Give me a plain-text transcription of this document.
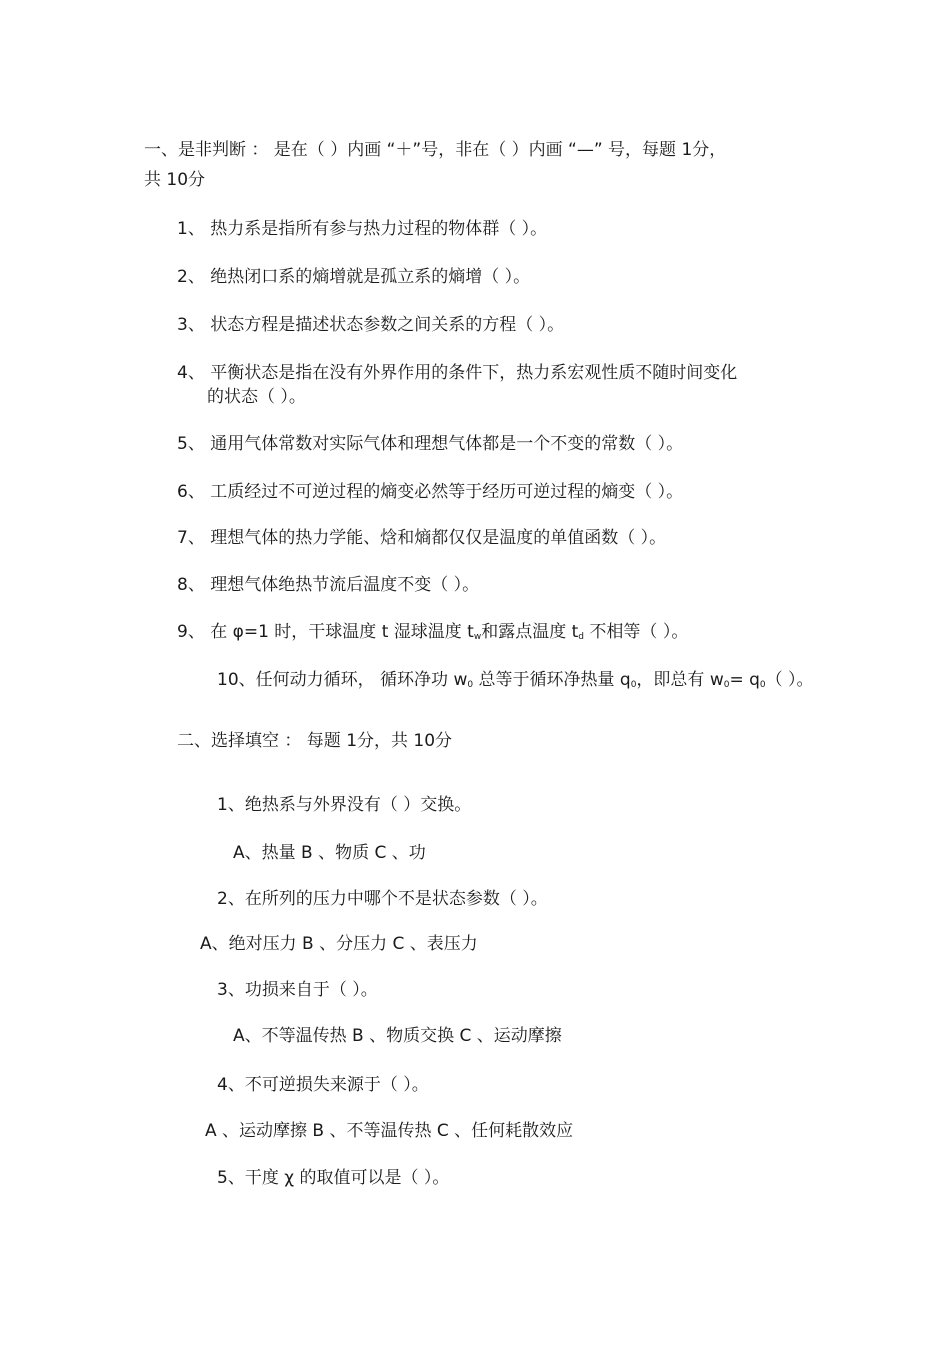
一、是非判断 ： 是在（ ）内画 “＋”号，非在（ ）内画 “—” 号，每题 1分，
共 10分
1、 热力系是指所有参与热力过程的物体群（ ）。
2、 绝热闭口系的熵增就是孤立系的熵增（ ）。
3、 状态方程是描述状态参数之间关系的方程（ ）。
4、 平衡状态是指在没有外界作用的条件下，热力系宏观性质不随时间变化
的状态（ ）。
5、 通用气体常数对实际气体和理想气体都是一个不变的常数（ ）。
6、 工质经过不可逆过程的熵变必然等于经历可逆过程的熵变（ ）。
7、 理想气体的热力学能、焓和熵都仅仅是温度的单值函数（ ）。
8、 理想气体绝热节流后温度不变（ ）。
9、 在 φ=1 时，干球温度 t 湿球温度 $t_w$和露点温度 $t_d$ 不相等（ ）。
10、任何动力循环， 循环净功 $w_0$ 总等于循环净热量 $q_0$，即总有 $w_0= q_0$（ ）。
二、选择填空 ： 每题 1分，共 10分
1、绝热系与外界没有（ ）交换。
A、热量 B 、物质 C 、功
2、在所列的压力中哪个不是状态参数（ ）。
A、绝对压力 B 、分压力 C 、表压力
3、功损来自于（ ）。
A、不等温传热 B 、物质交换 C 、运动摩擦
4、不可逆损失来源于（ ）。
A 、运动摩擦 B 、不等温传热 C 、任何耗散效应
5、干度 χ 的取值可以是（ ）。
